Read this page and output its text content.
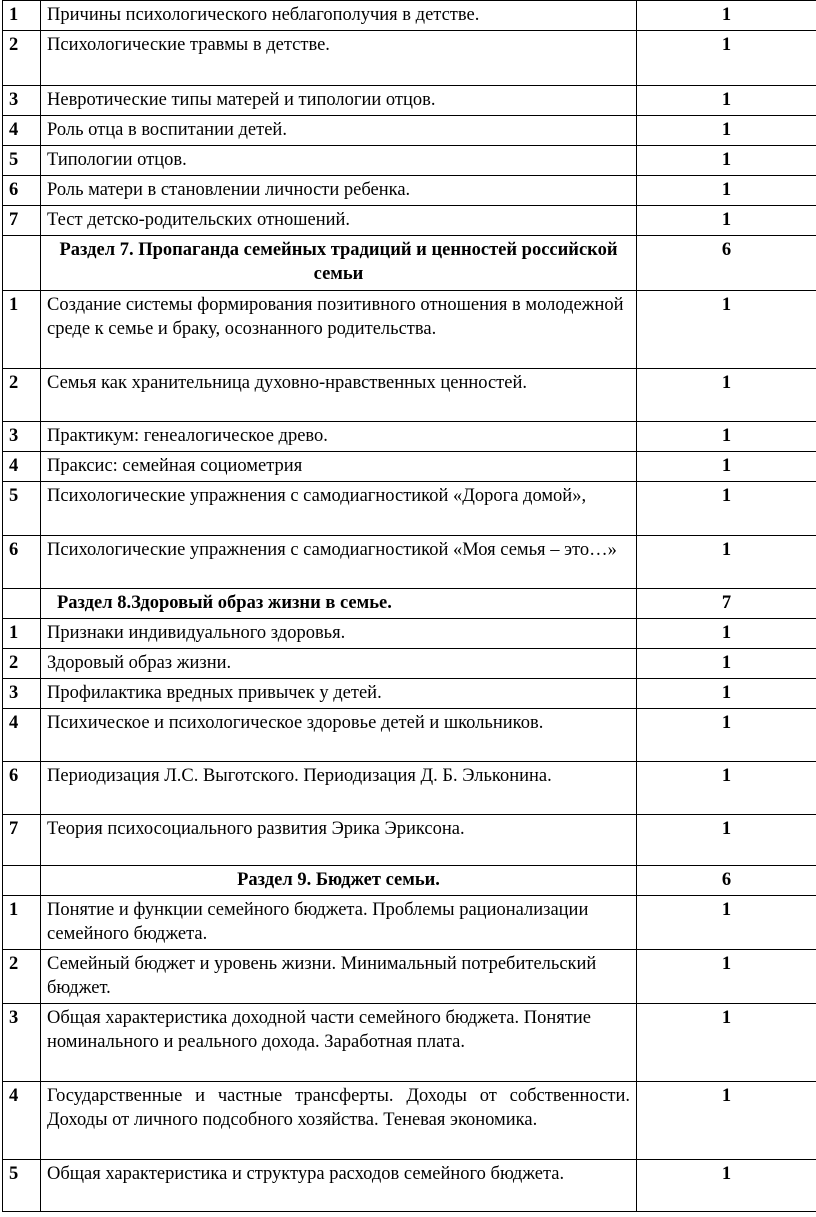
1	Причины психологического неблагополучия в детстве.	1
2	Психологические травмы в детстве.	1
3	Невротические типы матерей и типологии отцов.	1
4	Роль отца в воспитании детей.	1
5	Типологии отцов.	1
6	Роль матери в становлении личности ребенка.	1
7	Тест детско-родительских отношений.	1
	Раздел 7. Пропаганда семейных традиций и ценностей российской семьи	6
1	Создание системы формирования позитивного отношения в молодежной среде к семье и браку, осознанного родительства.	1
2	Семья как хранительница духовно-нравственных ценностей.	1
3	Практикум: генеалогическое древо.	1
4	Праксис: семейная социометрия	1
5	Психологические упражнения с самодиагностикой «Дорога домой»,	1
6	Психологические упражнения с самодиагностикой «Моя семья – это…»	1
	Раздел 8.Здоровый образ жизни в семье.	7
1	Признаки индивидуального здоровья.	1
2	Здоровый образ жизни.	1
3	Профилактика вредных привычек у детей.	1
4	Психическое и психологическое здоровье детей и школьников.	1
6	Периодизация Л.С. Выготского. Периодизация Д. Б. Эльконина.	1
7	Теория психосоциального развития Эрика Эриксона.	1
	Раздел 9. Бюджет семьи.	6
1	Понятие и функции семейного бюджета. Проблемы рационализации семейного бюджета.	1
2	Семейный бюджет и уровень жизни. Минимальный потребительский бюджет.	1
3	Общая характеристика доходной части семейного бюджета. Понятие номинального и реального дохода. Заработная плата.	1
4	Государственные и частные трансферты. Доходы от собственности. Доходы от личного подсобного хозяйства. Теневая экономика.	1
5	Общая характеристика и структура расходов семейного бюджета.	1
